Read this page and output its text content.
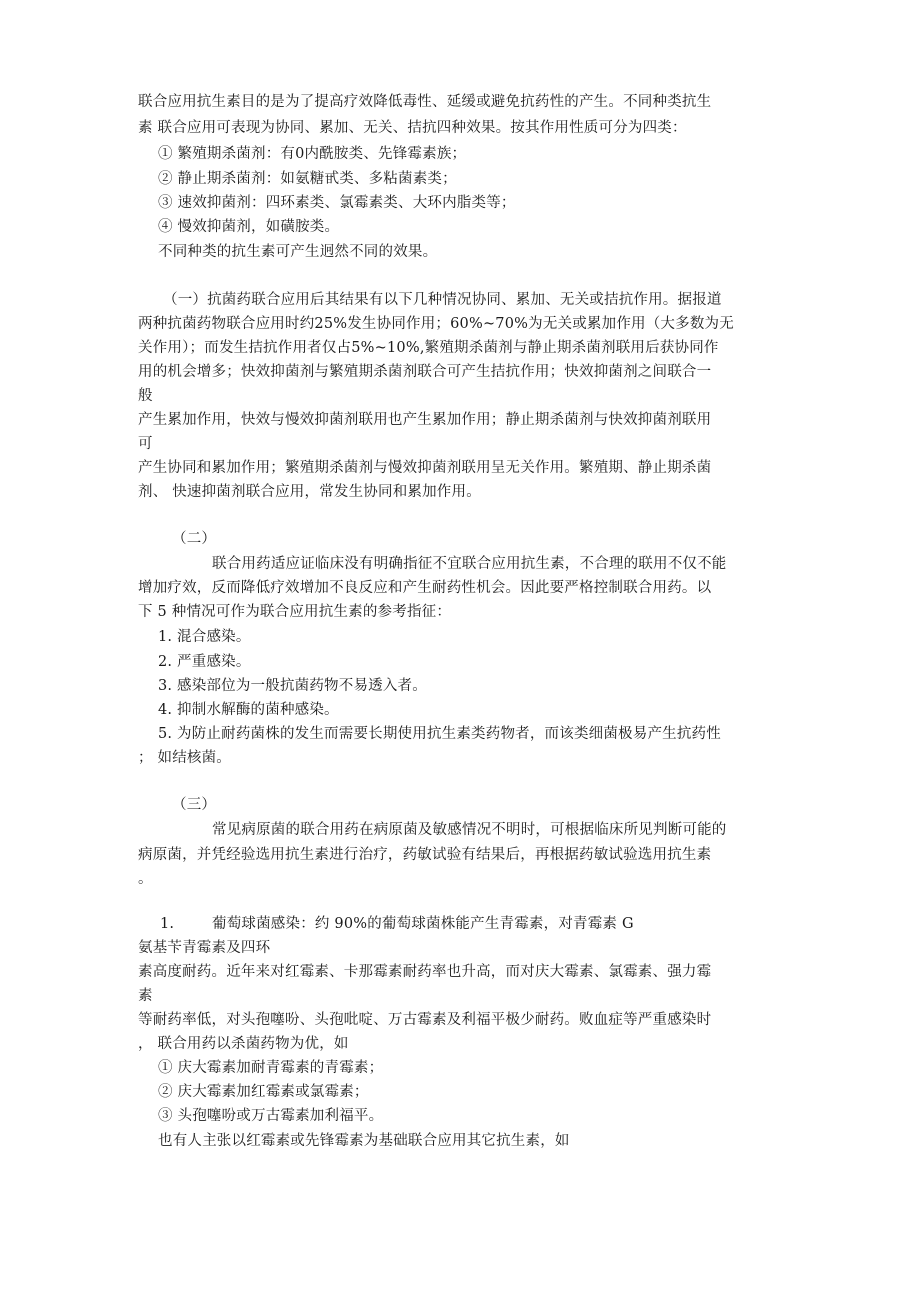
联合应用抗生素目的是为了提高疗效降低毒性、延缓或避免抗药性的产生。不同种类抗生
素 联合应用可表现为协同、累加、无关、拮抗四种效果。按其作用性质可分为四类：
① 繁殖期杀菌剂：有0内酰胺类、先锋霉素族；
② 静止期杀菌剂：如氨糖甙类、多粘菌素类；
③ 速效抑菌剂：四环素类、氯霉素类、大环内脂类等；
④ 慢效抑菌剂，如磺胺类。
不同种类的抗生素可产生迥然不同的效果。
（一）抗菌药联合应用后其结果有以下几种情况协同、累加、无关或拮抗作用。据报道
两种抗菌药物联合应用时约25%发生协同作用；60%~70%为无关或累加作用（大多数为无
关作用）；而发生拮抗作用者仅占5%~10%,繁殖期杀菌剂与静止期杀菌剂联用后获协同作
用的机会增多；快效抑菌剂与繁殖期杀菌剂联合可产生拮抗作用；快效抑菌剂之间联合一
般
产生累加作用，快效与慢效抑菌剂联用也产生累加作用；静止期杀菌剂与快效抑菌剂联用
可
产生协同和累加作用；繁殖期杀菌剂与慢效抑菌剂联用呈无关作用。繁殖期、静止期杀菌
剂、 快速抑菌剂联合应用，常发生协同和累加作用。
（二）
联合用药适应证临床没有明确指征不宜联合应用抗生素，不合理的联用不仅不能
增加疗效，反而降低疗效增加不良反应和产生耐药性机会。因此要严格控制联合用药。以
下 5 种情况可作为联合应用抗生素的参考指征：
1. 混合感染。
2. 严重感染。
3. 感染部位为一般抗菌药物不易透入者。
4. 抑制水解酶的菌种感染。
5. 为防止耐药菌株的发生而需要长期使用抗生素类药物者，而该类细菌极易产生抗药性
； 如结核菌。
（三）
常见病原菌的联合用药在病原菌及敏感情况不明时，可根据临床所见判断可能的
病原菌，并凭经验选用抗生素进行治疗，药敏试验有结果后，再根据药敏试验选用抗生素
。
1.	葡萄球菌感染：约 90%的葡萄球菌株能产生青霉素，对青霉素 G
氨基苄青霉素及四环
素高度耐药。近年来对红霉素、卡那霉素耐药率也升高，而对庆大霉素、氯霉素、强力霉
素
等耐药率低，对头孢噻吩、头孢吡啶、万古霉素及利福平极少耐药。败血症等严重感染时
， 联合用药以杀菌药物为优，如
① 庆大霉素加耐青霉素的青霉素；
② 庆大霉素加红霉素或氯霉素；
③ 头孢噻吩或万古霉素加利福平。
也有人主张以红霉素或先锋霉素为基础联合应用其它抗生素，如
